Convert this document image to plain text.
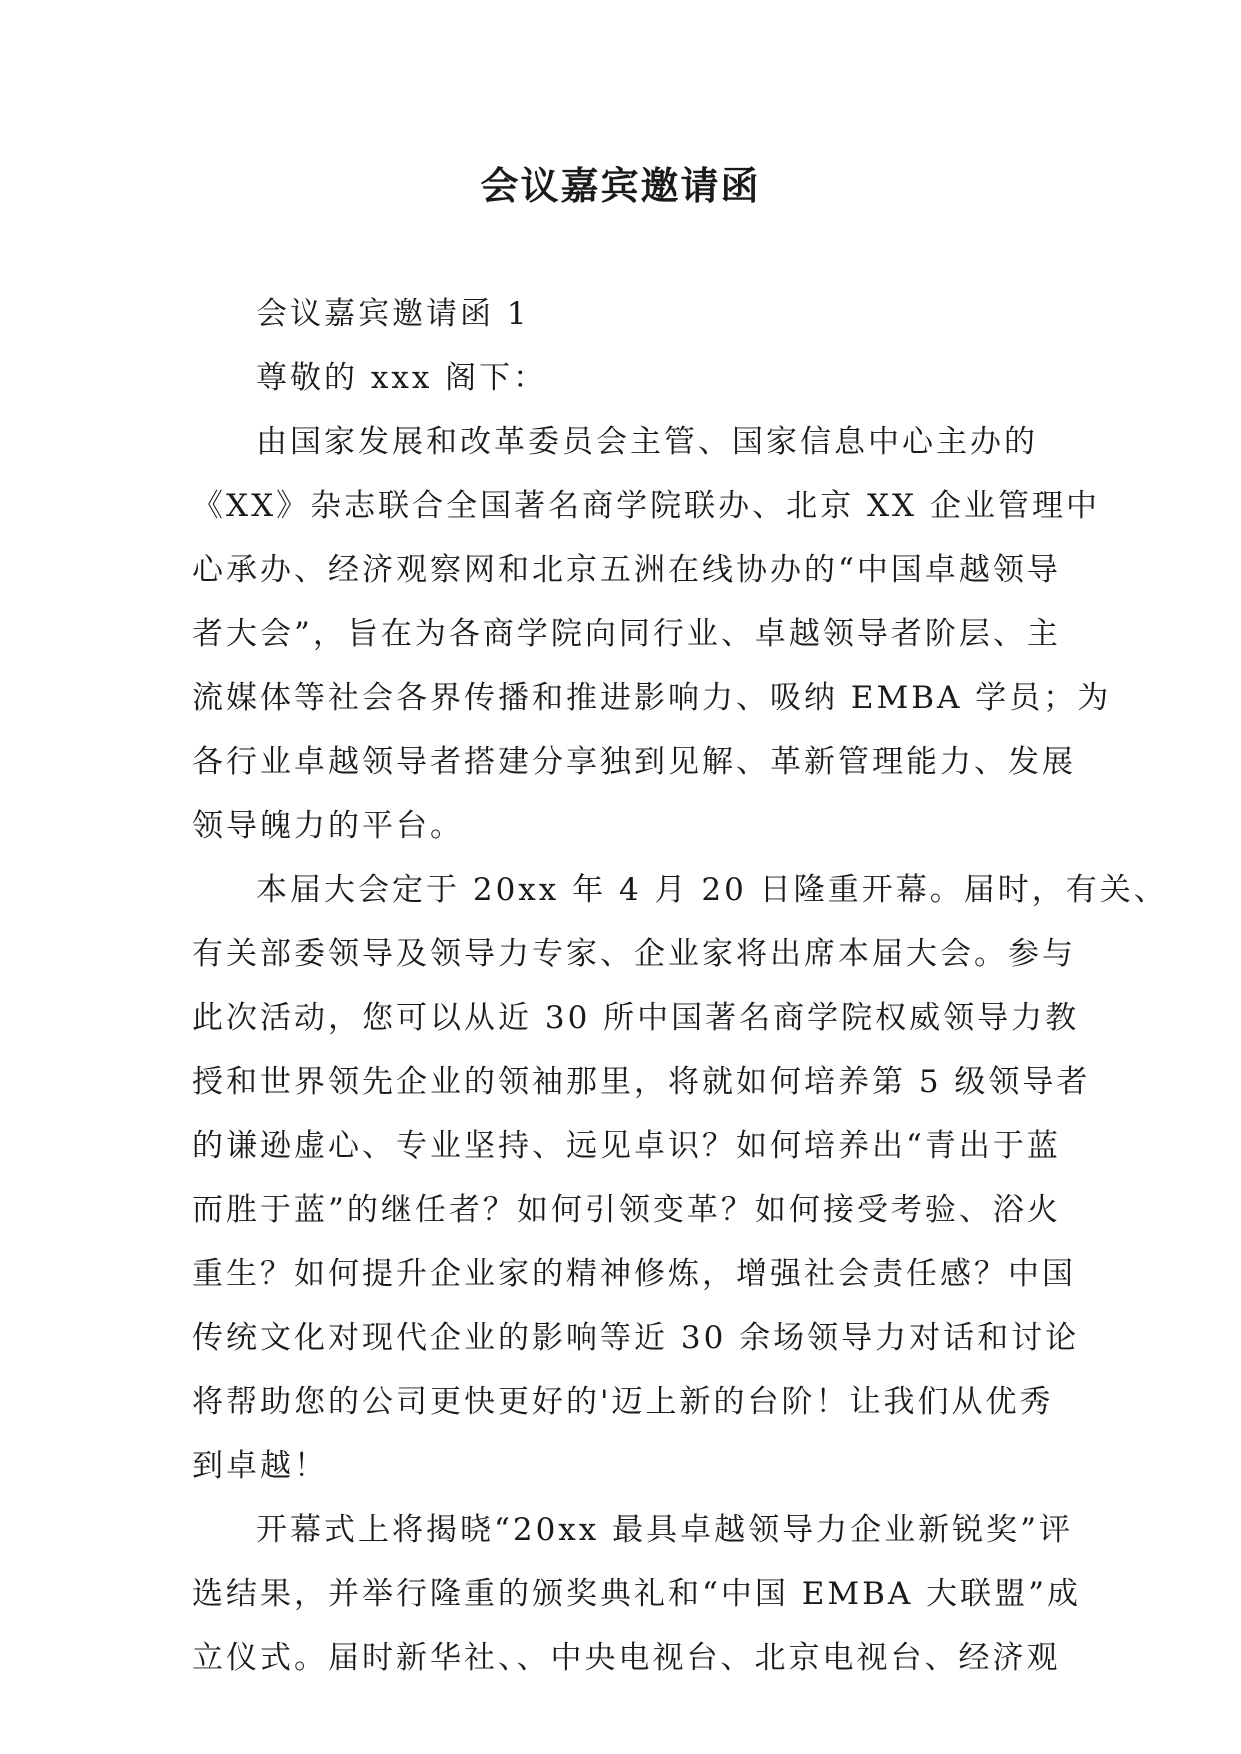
会议嘉宾邀请函
会议嘉宾邀请函 1
尊敬的 xxx 阁下：
由国家发展和改革委员会主管、国家信息中心主办的
《XX》杂志联合全国著名商学院联办、北京 XX 企业管理中
心承办、经济观察网和北京五洲在线协办的“中国卓越领导
者大会”，旨在为各商学院向同行业、卓越领导者阶层、主
流媒体等社会各界传播和推进影响力、吸纳 EMBA 学员；为
各行业卓越领导者搭建分享独到见解、革新管理能力、发展
领导魄力的平台。
本届大会定于 20xx 年 4 月 20 日隆重开幕。届时，有关、
有关部委领导及领导力专家、企业家将出席本届大会。参与
此次活动，您可以从近 30 所中国著名商学院权威领导力教
授和世界领先企业的领袖那里，将就如何培养第 5 级领导者
的谦逊虚心、专业坚持、远见卓识？如何培养出“青出于蓝
而胜于蓝”的继任者？如何引领变革？如何接受考验、浴火
重生？如何提升企业家的精神修炼，增强社会责任感？中国
传统文化对现代企业的影响等近 30 余场领导力对话和讨论
将帮助您的公司更快更好的'迈上新的台阶！让我们从优秀
到卓越！
开幕式上将揭晓“20xx 最具卓越领导力企业新锐奖”评
选结果，并举行隆重的颁奖典礼和“中国 EMBA 大联盟”成
立仪式。届时新华社、、中央电视台、北京电视台、经济观
